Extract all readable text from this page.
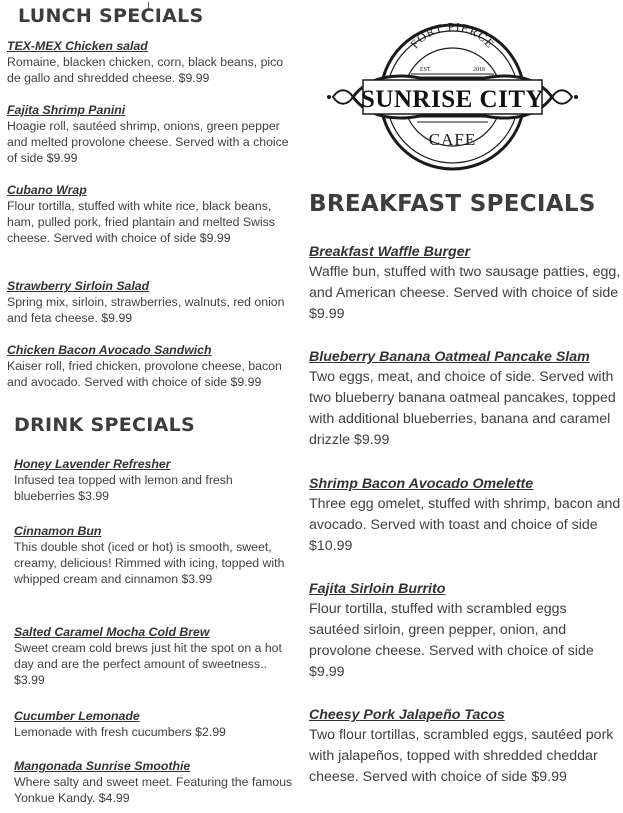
LUNCH SPECIALS
TEX-MEX Chicken salad
Romaine, blacken chicken, corn, black beans, pico de gallo and shredded cheese. $9.99
Fajita Shrimp Panini
Hoagie roll, sautéed shrimp, onions, green pepper and melted provolone cheese. Served with a choice of side $9.99
Cubano Wrap
Flour tortilla, stuffed with white rice, black beans, ham, pulled pork, fried plantain and melted Swiss cheese. Served with choice of side $9.99
Strawberry Sirloin Salad
Spring mix, sirloin, strawberries, walnuts, red onion and feta cheese. $9.99
Chicken Bacon Avocado Sandwich
Kaiser roll, fried chicken, provolone cheese, bacon and avocado. Served with choice of side $9.99
DRINK SPECIALS
Honey Lavender Refresher
Infused tea topped with lemon and fresh blueberries $3.99
Cinnamon Bun
This double shot (iced or hot) is smooth, sweet, creamy, delicious! Rimmed with icing, topped with whipped cream and cinnamon $3.99
Salted Caramel Mocha Cold Brew
Sweet cream cold brews just hit the spot on a hot day and are the perfect amount of sweetness.. $3.99
Cucumber Lemonade
Lemonade with fresh cucumbers $2.99
Mangonada Sunrise Smoothie
Where salty and sweet meet. Featuring the famous Yonkue Kandy. $4.99
FORT PIERCE
EST.	2018
SUNRISE CITY
CAFE
BREAKFAST SPECIALS
Breakfast Waffle Burger
Waffle bun, stuffed with two sausage patties, egg, and American cheese. Served with choice of side $9.99
Blueberry Banana Oatmeal Pancake Slam
Two eggs, meat, and choice of side. Served with two blueberry banana oatmeal pancakes, topped with additional blueberries, banana and caramel drizzle $9.99
Shrimp Bacon Avocado Omelette
Three egg omelet, stuffed with shrimp, bacon and avocado. Served with toast and choice of side $10.99
Fajita Sirloin Burrito
Flour tortilla, stuffed with scrambled eggs sautéed sirloin, green pepper, onion, and provolone cheese. Served with choice of side $9.99
Cheesy Pork Jalapeño Tacos
Two flour tortillas, scrambled eggs, sautéed pork with jalapeños, topped with shredded cheddar cheese. Served with choice of side $9.99
